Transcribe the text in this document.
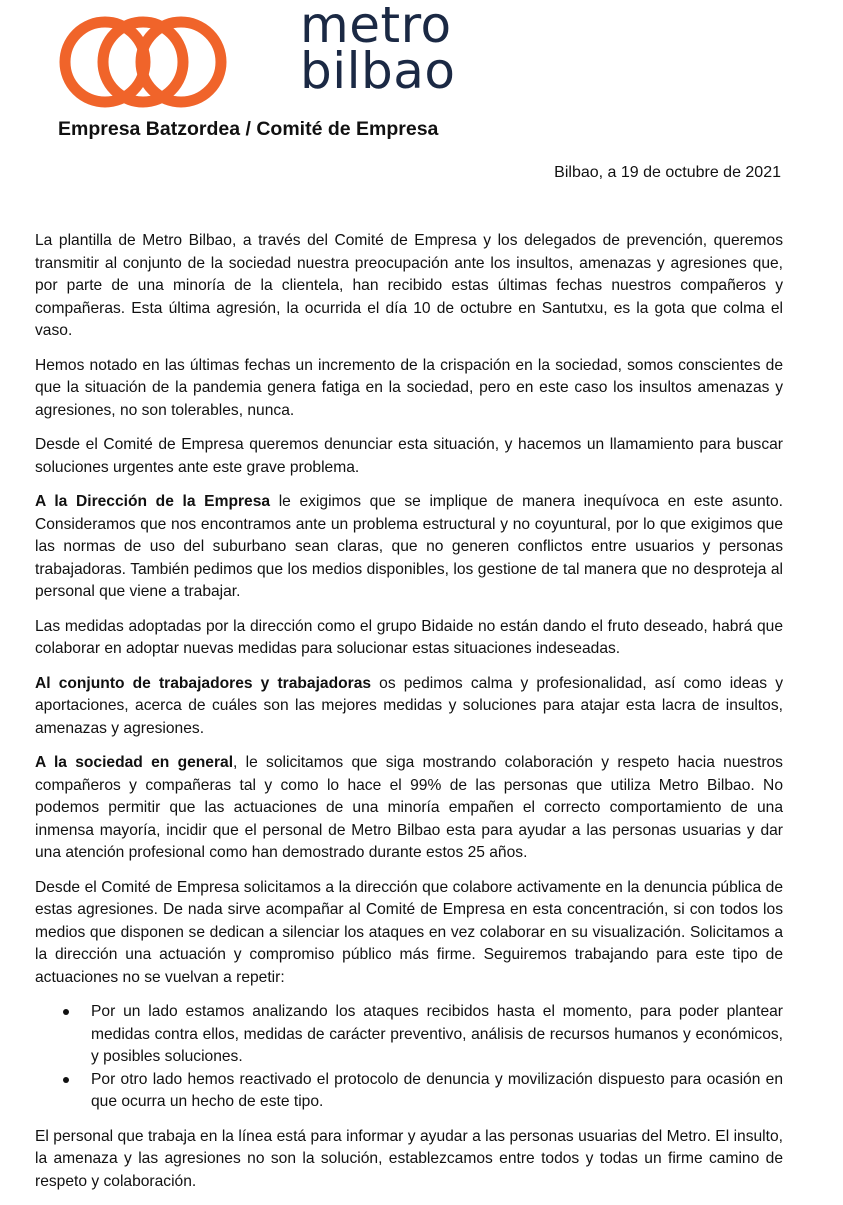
metro
bilbao
Empresa Batzordea / Comité de Empresa
Bilbao, a 19 de octubre de 2021

La plantilla de Metro Bilbao, a través del Comité de Empresa y los delegados de prevención, queremos transmitir al conjunto de la sociedad nuestra preocupación ante los insultos, amenazas y agresiones que, por parte de una minoría de la clientela, han recibido estas últimas fechas nuestros compañeros y compañeras. Esta última agresión, la ocurrida el día 10 de octubre en Santutxu, es la gota que colma el vaso.

Hemos notado en las últimas fechas un incremento de la crispación en la sociedad, somos conscientes de que la situación de la pandemia genera fatiga en la sociedad, pero en este caso los insultos amenazas y agresiones, no son tolerables, nunca.

Desde el Comité de Empresa queremos denunciar esta situación, y hacemos un llamamiento para buscar soluciones urgentes ante este grave problema.

A la Dirección de la Empresa le exigimos que se implique de manera inequívoca en este asunto. Consideramos que nos encontramos ante un problema estructural y no coyuntural, por lo que exigimos que las normas de uso del suburbano sean claras, que no generen conflictos entre usuarios y personas trabajadoras. También pedimos que los medios disponibles, los gestione de tal manera que no desproteja al personal que viene a trabajar.

Las medidas adoptadas por la dirección como el grupo Bidaide no están dando el fruto deseado, habrá que colaborar en adoptar nuevas medidas para solucionar estas situaciones indeseadas.

Al conjunto de trabajadores y trabajadoras os pedimos calma y profesionalidad, así como ideas y aportaciones, acerca de cuáles son las mejores medidas y soluciones para atajar esta lacra de insultos, amenazas y agresiones.

A la sociedad en general, le solicitamos que siga mostrando colaboración y respeto hacia nuestros compañeros y compañeras tal y como lo hace el 99% de las personas que utiliza Metro Bilbao. No podemos permitir que las actuaciones de una minoría empañen el correcto comportamiento de una inmensa mayoría, incidir que el personal de Metro Bilbao esta para ayudar a las personas usuarias y dar una atención profesional como han demostrado durante estos 25 años.

Desde el Comité de Empresa solicitamos a la dirección que colabore activamente en la denuncia pública de estas agresiones. De nada sirve acompañar al Comité de Empresa en esta concentración, si con todos los medios que disponen se dedican a silenciar los ataques en vez colaborar en su visualización. Solicitamos a la dirección una actuación y compromiso público más firme. Seguiremos trabajando para este tipo de actuaciones no se vuelvan a repetir:

Por un lado estamos analizando los ataques recibidos hasta el momento, para poder plantear medidas contra ellos, medidas de carácter preventivo, análisis de recursos humanos y económicos, y posibles soluciones.
Por otro lado hemos reactivado el protocolo de denuncia y movilización dispuesto para ocasión en que ocurra un hecho de este tipo.

El personal que trabaja en la línea está para informar y ayudar a las personas usuarias del Metro. El insulto, la amenaza y las agresiones no son la solución, establezcamos entre todos y todas un firme camino de respeto y colaboración.
